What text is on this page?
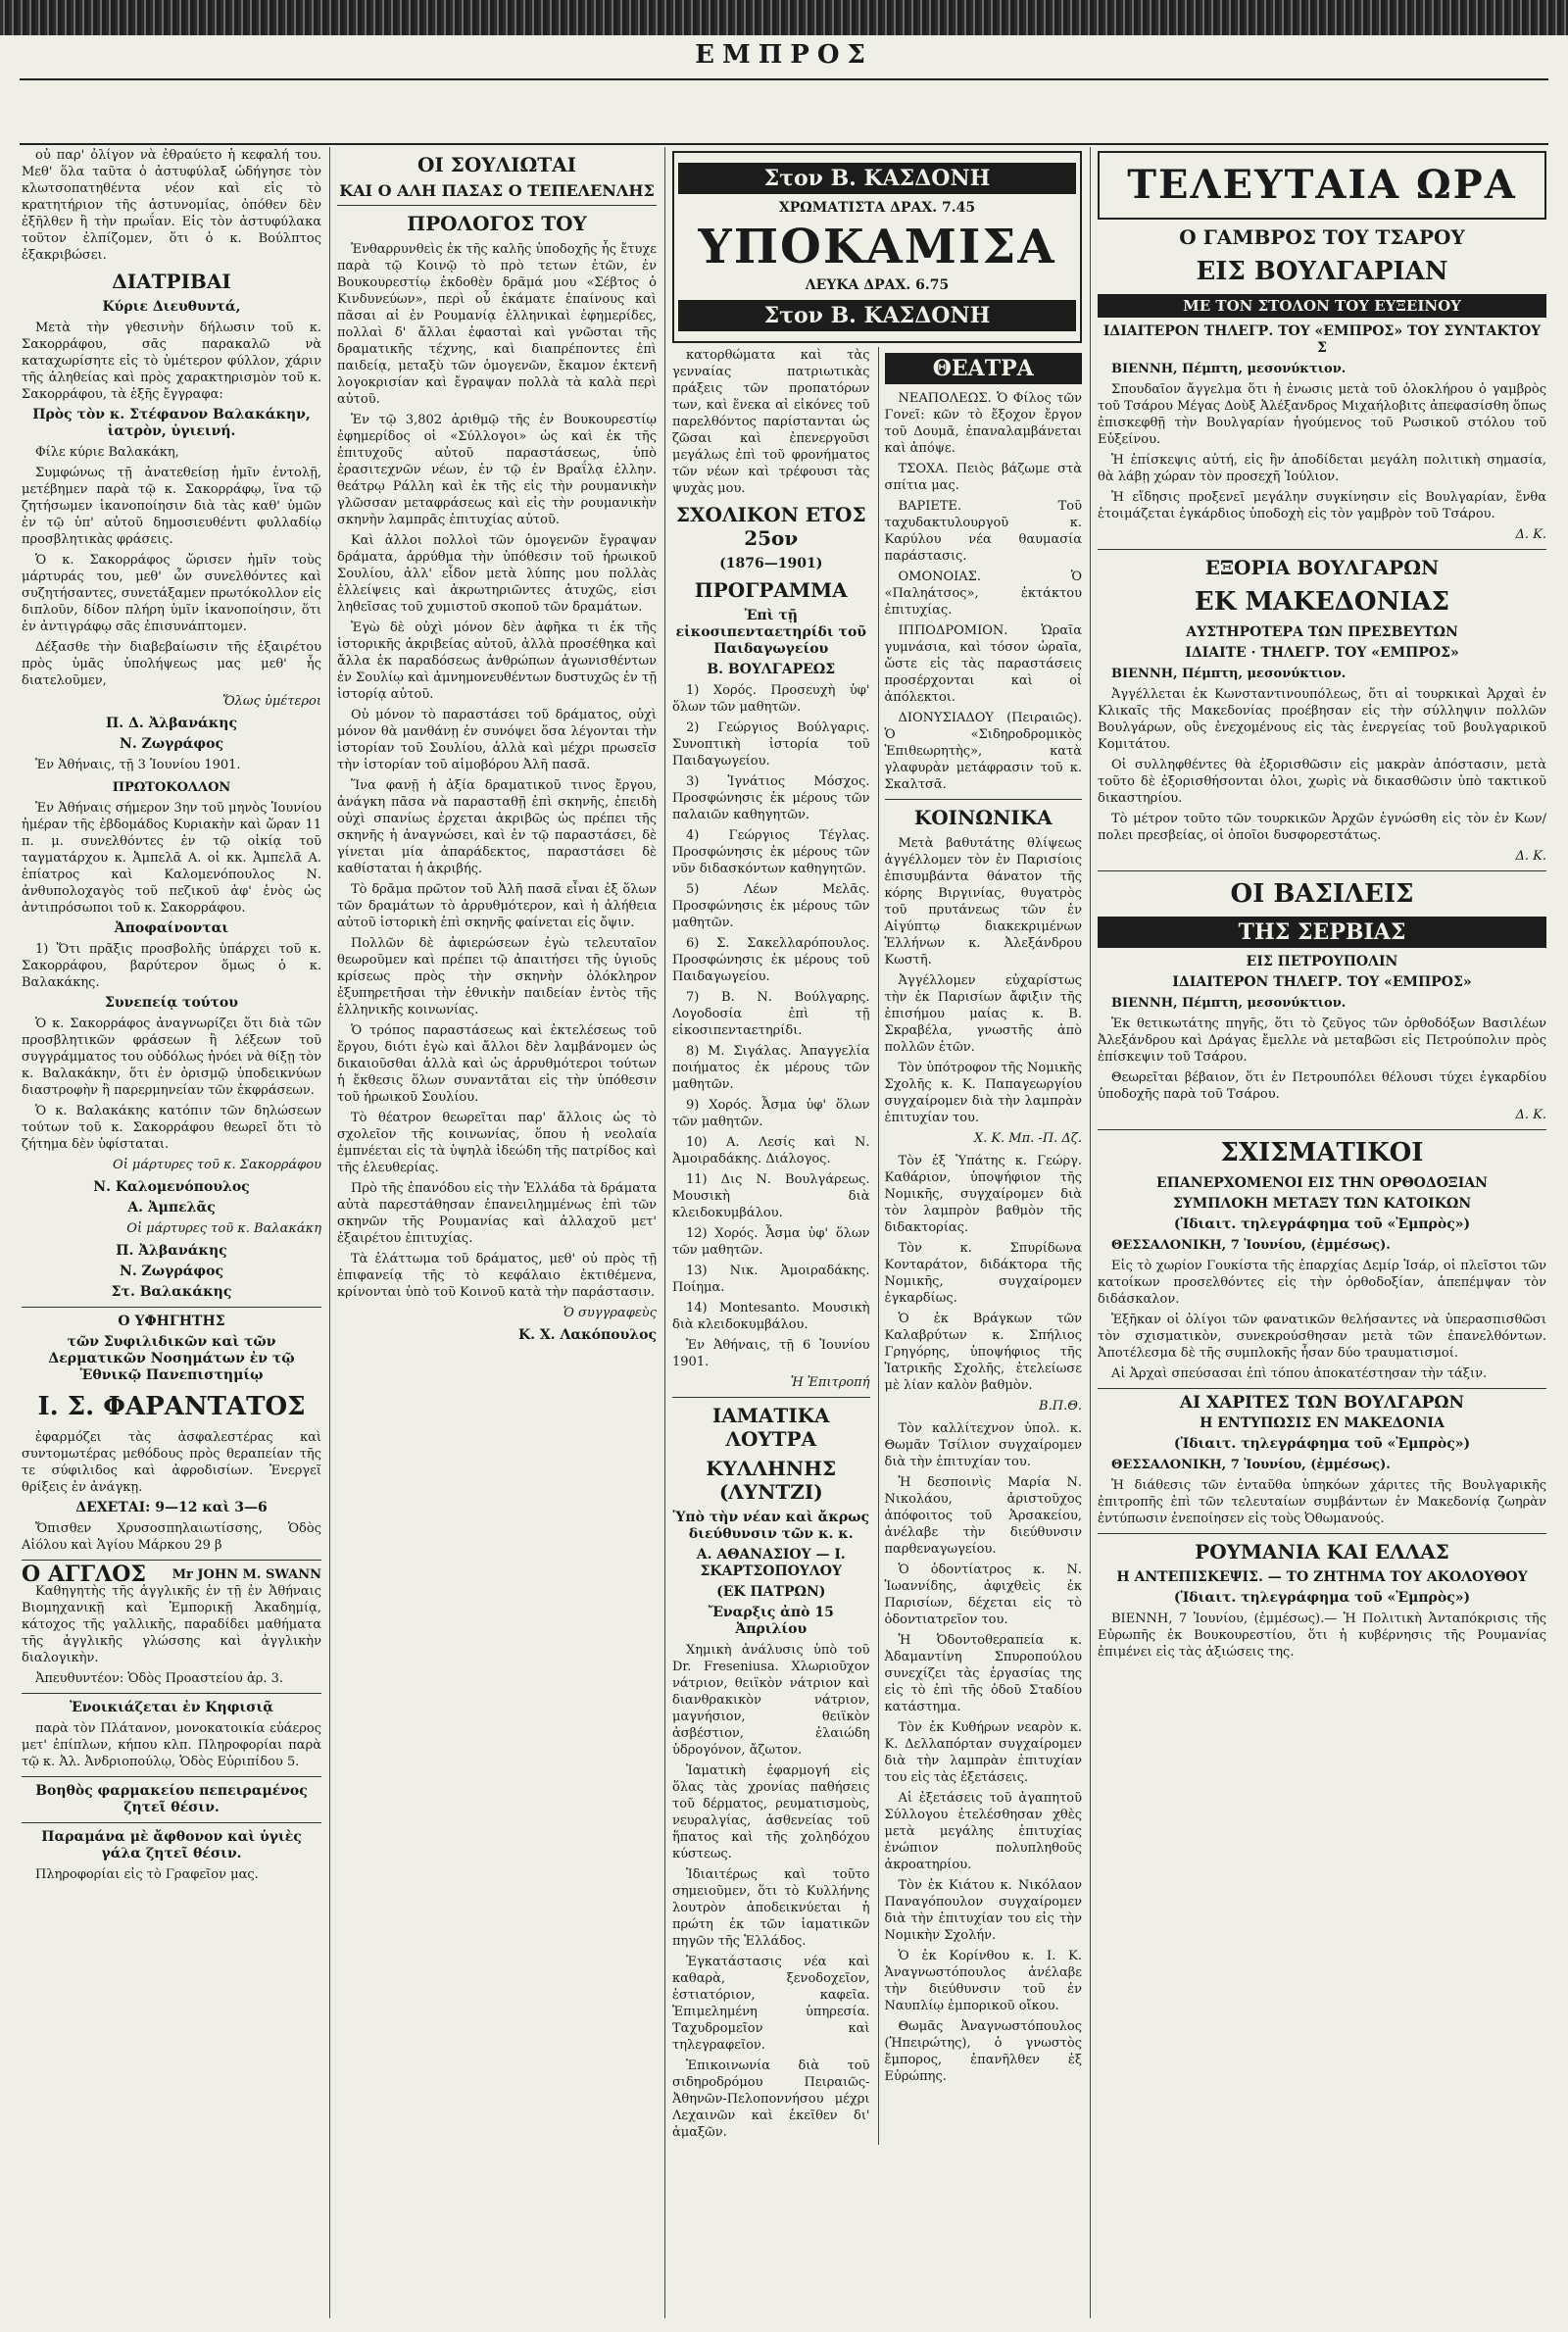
ΕΜΠΡΟΣ

οὐ παρ' ὀλίγον νὰ ἐθραύετο ἡ κεφαλή του. Μεθ' ὅλα ταῦτα ὁ ἀστυφύλαξ ὡδήγησε τὸν κλωτσοπατηθέντα νέον καὶ εἰς τὸ κρατητήριον τῆς ἀστυνομίας, ὁπόθεν δὲν ἐξῆλθεν ἢ τὴν πρωΐαν. Εἰς τὸν ἀστυφύλακα τοῦτον ἐλπίζομεν, ὅτι ὁ κ. Βούλπτος ἐξακριβώσει.

ΔΙΑΤΡΙΒΑΙ

Κύριε Διευθυντά,

Μετὰ τὴν γθεσινὴν δήλωσιν τοῦ κ. Σακορράφου, σᾶς παρακαλῶ νὰ καταχωρίσητε εἰς τὸ ὑμέτερον φύλλον, χάριν τῆς ἀληθείας καὶ πρὸς χαρακτηρισμὸν τοῦ κ. Σακορράφου, τὰ ἑξῆς ἔγγραφα:

Πρὸς τὸν κ. Στέφανον Βαλακάκην, ἰατρὸν, ὑγιεινή.

Φίλε κύριε Βαλακάκη,

Συμφώνως τῇ ἀνατεθείσῃ ἡμῖν ἐντολῇ, μετέβημεν παρὰ τῷ κ. Σακορράφῳ, ἵνα τῷ ζητήσωμεν ἱκανοποίησιν διὰ τὰς καθ' ὑμῶν ἐν τῷ ὑπ' αὐτοῦ δημοσιευθέντι φυλλαδίῳ προσβλητικὰς φράσεις.

Ὁ κ. Σακορράφος ὥρισεν ἡμῖν τοὺς μάρτυράς του, μεθ' ὧν συνελθόντες καὶ συζητήσαντες, συνετάξαμεν πρωτόκολλον εἰς διπλοῦν, δίδον πλήρη ὑμῖν ἱκανοποίησιν, ὅτι ἐν ἀντιγράφῳ σᾶς ἐπισυνάπτομεν.

Δέξασθε τὴν διαβεβαίωσιν τῆς ἐξαιρέτου πρὸς ὑμᾶς ὑπολήψεως μας μεθ' ἧς διατελοῦμεν,

Ὅλως ὑμέτεροι

Π. Δ. Ἀλβανάκης

Ν. Ζωγράφος

Ἐν Ἀθήναις, τῇ 3 Ἰουνίου 1901.

ΠΡΩΤΟΚΟΛΛΟΝ

Ἐν Ἀθήναις σήμερον 3ην τοῦ μηνὸς Ἰουνίου ἡμέραν τῆς ἑβδομάδος Κυριακὴν καὶ ὥραν 11 π. μ. συνελθόντες ἐν τῷ οἰκίᾳ τοῦ ταγματάρχου κ. Ἀμπελᾶ Α. οἱ κκ. Ἀμπελᾶ Α. ἐπίατρος καὶ Καλομενόπουλος Ν. ἀνθυπολοχαγὸς τοῦ πεζικοῦ ἀφ' ἑνὸς ὡς ἀντιπρόσωποι τοῦ κ. Σακορράφου.

Ἀποφαίνονται

1) Ὅτι πρᾶξις προσβολῆς ὑπάρχει τοῦ κ. Σακορράφου, βαρύτερον ὅμως ὁ κ. Βαλακάκης.

Συνεπείᾳ τούτου

Ὁ κ. Σακορράφος ἀναγνωρίζει ὅτι διὰ τῶν προσβλητικῶν φράσεων ἢ λέξεων τοῦ συγγράμματος του οὐδόλως ἠνόει νὰ θίξῃ τὸν κ. Βαλακάκην, ὅτι ἐν ὁρισμῷ ὑποδεικνύων διαστροφὴν ἢ παρερμηνείαν τῶν ἐκφράσεων.

Ὁ κ. Βαλακάκης κατόπιν τῶν δηλώσεων τούτων τοῦ κ. Σακορράφου θεωρεῖ ὅτι τὸ ζήτημα δὲν ὑφίσταται.

Οἱ μάρτυρες τοῦ κ. Σακορράφου

Ν. Καλομενόπουλος

Α. Ἀμπελᾶς

Οἱ μάρτυρες τοῦ κ. Βαλακάκη

Π. Ἀλβανάκης

Ν. Ζωγράφος

Στ. Βαλακάκης

Ο ΥΦΗΓΗΤΗΣ
τῶν Συφιλιδικῶν καὶ τῶν Δερματικῶν Νοσημάτων ἐν τῷ Ἐθνικῷ Πανεπιστημίῳ
Ι. Σ. ΦΑΡΑΝΤΑΤΟΣ

ἐφαρμόζει τὰς ἀσφαλεστέρας καὶ συντομωτέρας μεθόδους πρὸς θεραπείαν τῆς τε σύφιλιδος καὶ ἀφροδισίων. Ἐνεργεῖ θρίξεις ἐν ἀνάγκῃ.

ΔΕΧΕΤΑΙ: 9—12 καὶ 3—6

Ὄπισθεν Χρυσοσπηλαιωτίσσης, Ὁδὸς Αἰόλου καὶ Ἁγίου Μάρκου 29 β

Ο ΑΓΓΛΟΣ Mr JOHN M. SWANN

Καθηγητὴς τῆς ἀγγλικῆς ἐν τῇ ἐν Ἀθήναις Βιομηχανικῇ καὶ Ἐμπορικῇ Ἀκαδημίᾳ, κάτοχος τῆς γαλλικῆς, παραδίδει μαθήματα τῆς ἀγγλικῆς γλώσσης καὶ ἀγγλικὴν διαλογικὴν.

Ἀπευθυντέον: Ὁδὸς Προαστείου ἀρ. 3.

Ἐνοικιάζεται ἐν Κηφισιᾷ

παρὰ τὸν Πλάτανον, μονοκατοικία εὐάερος μετ' ἐπίπλων, κήπου κλπ. Πληροφορίαι παρὰ τῷ κ. Ἀλ. Ἀνδριοπούλῳ, Ὁδὸς Εὐριπίδου 5.

Βοηθὸς φαρμακείου πεπειραμένος ζητεῖ θέσιν.
Παραμάνα μὲ ἄφθονον καὶ ὑγιὲς γάλα ζητεῖ θέσιν.

Πληροφορίαι εἰς τὸ Γραφεῖον μας.

ΟΙ ΣΟΥΛΙΩΤΑΙ
ΚΑΙ Ο ΑΛΗ ΠΑΣΑΣ Ο ΤΕΠΕΛΕΝΛΗΣ
ΠΡΟΛΟΓΟΣ ΤΟΥ

Ἐνθαρρυνθεὶς ἐκ τῆς καλῆς ὑποδοχῆς ἧς ἔτυχε παρὰ τῷ Κοινῷ τὸ πρὸ τετων ἐτῶν, ἐν Βουκουρεστίῳ ἐκδοθὲν δρᾶμά μου «Σέβτος ὁ Κινδυνεύων», περὶ οὗ ἐκάματε ἐπαίνους καὶ πᾶσαι αἱ ἐν Ρουμανίᾳ ἑλληνικαὶ ἐφημερίδες, πολλαὶ δ' ἄλλαι ἐφασταὶ καὶ γνῶσται τῆς δραματικῆς τέχνης, καὶ διαπρέποντες ἐπὶ παιδείᾳ, μεταξὺ τῶν ὁμογενῶν, ἔκαμον ἐκτενῆ λογοκρισίαν καὶ ἔγραψαν πολλὰ τὰ καλὰ περὶ αὐτοῦ.

Ἐν τῷ 3,802 ἀριθμῷ τῆς ἐν Βουκουρεστίῳ ἐφημερίδος οἱ «Σύλλογοι» ὡς καὶ ἐκ τῆς ἐπιτυχοῦς αὐτοῦ παραστάσεως, ὑπὸ ἐρασιτεχνῶν νέων, ἐν τῷ ἐν Βραΐλᾳ ἑλλην. θεάτρῳ Ράλλη καὶ ἐκ τῆς εἰς τὴν ρουμανικὴν γλῶσσαν μεταφράσεως καὶ εἰς τὴν ρουμανικὴν σκηνὴν λαμπρᾶς ἐπιτυχίας αὐτοῦ.

Καὶ ἀλλοι πολλοὶ τῶν ὁμογενῶν ἔγραψαν δράματα, ἀρρύθμα τὴν ὑπόθεσιν τοῦ ἡρωικοῦ Σουλίου, ἀλλ' εἶδον μετὰ λύπης μου πολλὰς ἐλλείψεις καὶ ἀκρωτηριῶντες ἀτυχῶς, εἰσι ληθεῖσας τοῦ χυμιστοῦ σκοποῦ τῶν δραμάτων.

Ἐγὼ δὲ οὐχὶ μόνον δὲν ἀφῆκα τι ἐκ τῆς ἱστορικῆς ἀκριβείας αὐτοῦ, ἀλλὰ προσέθηκα καὶ ἄλλα ἐκ παραδόσεως ἀνθρώπων ἀγωνισθέντων ἐν Σουλίῳ καὶ ἀμνημονευθέντων δυστυχῶς ἐν τῇ ἱστορίᾳ αὐτοῦ.

Οὐ μόνον τὸ παραστάσει τοῦ δράματος, οὐχὶ μόνον θὰ μανθάνῃ ἐν συνόψει ὅσα λέγονται τὴν ἱστορίαν τοῦ Σουλίου, ἀλλὰ καὶ μέχρι πρωσεῖσ τὴν ἱστορίαν τοῦ αἱμοβόρου Ἀλῆ πασᾶ.

Ἵνα φανῇ ἡ ἀξία δραματικοῦ τινος ἔργου, ἀνάγκη πᾶσα νὰ παρασταθῇ ἐπὶ σκηνῆς, ἐπειδὴ οὐχὶ σπανίως ἐρχεται ἀκριβῶς ὡς πρέπει τῆς σκηνῆς ἡ ἀναγνώσει, καὶ ἐν τῷ παραστάσει, δὲ γίνεται μία ἀπαράδεκτος, παραστάσει δὲ καθίσταται ἡ ἀκριβής.

Τὸ δρᾶμα πρῶτον τοῦ Ἀλῆ πασᾶ εἶναι ἐξ ὅλων τῶν δραμάτων τὸ ἀρρυθμότερον, καὶ ἡ ἀλήθεια αὐτοῦ ἱστορικὴ ἐπὶ σκηνῆς φαίνεται εἰς ὄψιν.

Πολλῶν δὲ ἀφιερώσεων ἐγὼ τελευταῖον θεωροῦμεν καὶ πρέπει τῷ ἀπαιτήσει τῆς ὑγιοῦς κρίσεως πρὸς τὴν σκηνὴν ὁλόκληρον ἐξυπηρετῆσαι τὴν ἐθνικὴν παιδείαν ἐντὸς τῆς ἑλληνικῆς κοινωνίας.

Ὁ τρόπος παραστάσεως καὶ ἐκτελέσεως τοῦ ἔργου, διότι ἐγὼ καὶ ἄλλοι δὲν λαμβάνομεν ὡς δικαιοῦσθαι ἀλλὰ καὶ ὡς ἀρρυθμότεροι τούτων ἡ ἔκθεσις ὅλων συναντᾶται εἰς τὴν ὑπόθεσιν τοῦ ἡρωικοῦ Σουλίου.

Τὸ θέατρον θεωρεῖται παρ' ἄλλοις ὡς τὸ σχολεῖον τῆς κοινωνίας, ὅπου ἡ νεολαία ἐμπνέεται εἰς τὰ ὑψηλὰ ἰδεώδη τῆς πατρίδος καὶ τῆς ἐλευθερίας.

Πρὸ τῆς ἐπανόδου εἰς τὴν Ἑλλάδα τὰ δράματα αὐτὰ παρεστάθησαν ἐπανειλημμένως ἐπὶ τῶν σκηνῶν τῆς Ρουμανίας καὶ ἀλλαχοῦ μετ' ἐξαιρέτου ἐπιτυχίας.

Τὰ ἐλάττωμα τοῦ δράματος, μεθ' οὐ πρὸς τῇ ἐπιφανείᾳ τῆς τὸ κεφάλαιο ἐκτιθέμενα, κρίνονται ὑπὸ τοῦ Κοινοῦ κατὰ τὴν παράστασιν.

Ὁ συγγραφεὺς

Κ. Χ. Λακόπουλος

Στον Β. ΚΑΣΔΟΝΗ
ΧΡΩΜΑΤΙΣΤΑ ΔΡΑΧ. 7.45
ΥΠΟΚΑΜΙΣΑ
ΛΕΥΚΑ ΔΡΑΧ. 6.75
Στον Β. ΚΑΣΔΟΝΗ

κατορθώματα καὶ τὰς γενναίας πατριωτικὰς πράξεις τῶν προπατόρων των, καὶ ἕνεκα αἱ εἰκόνες τοῦ παρελθόντος παρίστανται ὡς ζῶσαι καὶ ἐπενεργοῦσι μεγάλως ἐπὶ τοῦ φρονήματος τῶν νέων καὶ τρέφουσι τὰς ψυχὰς μου.

ΣΧΟΛΙΚΟΝ ΕΤΟΣ 25ον
(1876—1901)
ΠΡΟΓΡΑΜΜΑ
Ἐπὶ τῇ εἰκοσιπενταετηρίδι τοῦ Παιδαγωγείου
Β. ΒΟΥΛΓΑΡΕΩΣ

1) Χορός. Προσευχὴ ὑφ' ὅλων τῶν μαθητῶν.

2) Γεώργιος Βούλγαρις. Συνοπτικὴ ἱστορία τοῦ Παιδαγωγείου.

3) Ἰγνάτιος Μόσχος. Προσφώνησις ἐκ μέρους τῶν παλαιῶν καθηγητῶν.

4) Γεώργιος Τέγλας. Προσφώνησις ἐκ μέρους τῶν νῦν διδασκόντων καθηγητῶν.

5) Λέων Μελᾶς. Προσφώνησις ἐκ μέρους τῶν μαθητῶν.

6) Σ. Σακελλαρόπουλος. Προσφώνησις ἐκ μέρους τοῦ Παιδαγωγείου.

7) Β. Ν. Βούλγαρης. Λογοδοσία ἐπὶ τῇ εἰκοσιπενταετηρίδι.

8) Μ. Σιγάλας. Ἀπαγγελία ποιήματος ἐκ μέρους τῶν μαθητῶν.

9) Χορός. Ἆσμα ὑφ' ὅλων τῶν μαθητῶν.

10) Α. Λεσίς καὶ Ν. Ἀμοιραδάκης. Διάλογος.

11) Δις Ν. Βουλγάρεως. Μουσικὴ διὰ κλειδοκυμβάλου.

12) Χορός. Ἆσμα ὑφ' ὅλων τῶν μαθητῶν.

13) Νικ. Ἀμοιραδάκης. Ποίημα.

14) Montesanto. Μουσικὴ διὰ κλειδοκυμβάλου.

Ἐν Ἀθήναις, τῇ 6 Ἰουνίου 1901.

Ἡ Ἐπιτροπή

ΙΑΜΑΤΙΚΑ ΛΟΥΤΡΑ
ΚΥΛΛΗΝΗΣ (ΛΥΝΤΖΙ)
Ὑπὸ τὴν νέαν καὶ ἄκρως διεύθυνσιν τῶν κ. κ.
Α. ΑΘΑΝΑΣΙΟΥ — Ι. ΣΚΑΡΤΣΟΠΟΥΛΟΥ
(ΕΚ ΠΑΤΡΩΝ)
Ἔναρξις ἀπὸ 15 Ἀπριλίου

Χημικὴ ἀνάλυσις ὑπὸ τοῦ Dr. Freseniusa. Χλωριοῦχον νάτριον, θειϊκὸν νάτριον καὶ διανθρακικὸν νάτριον, μαγνήσιον, θειϊκὸν ἀσβέστιον, ἐλαιώδη ὑδρογόνον, ἄζωτον.

Ἰαματικὴ ἐφαρμογή εἰς ὅλας τὰς χρονίας παθήσεις τοῦ δέρματος, ρευματισμοὺς, νευραλγίας, ἀσθενείας τοῦ ἥπατος καὶ τῆς χοληδόχου κύστεως.

Ἰδιαιτέρως καὶ τοῦτο σημειοῦμεν, ὅτι τὸ Κυλλήνης λουτρὸν ἀποδεικνύεται ἡ πρώτη ἐκ τῶν ἰαματικῶν πηγῶν τῆς Ἑλλάδος.

Ἐγκατάστασις νέα καὶ καθαρὰ, ξενοδοχεῖον, ἑστιατόριον, καφεῖα. Ἐπιμελημένη ὑπηρεσία. Ταχυδρομεῖον καὶ τηλεγραφεῖον.

Ἐπικοινωνία διὰ τοῦ σιδηροδρόμου Πειραιῶς-Ἀθηνῶν-Πελοποννήσου μέχρι Λεχαινῶν καὶ ἐκεῖθεν δι' ἁμαξῶν.

ΘΕΑΤΡΑ

ΝΕΑΠΟΛΕΩΣ. Ὁ Φίλος τῶν Γονεῖ: κῶν τὸ ἔξοχον ἔργον τοῦ Δουμᾶ, ἐπαναλαμβάνεται καὶ ἀπόψε.

ΤΣΟΧΑ. Πειὸς βάζωμε στὰ σπίτια μας.

ΒΑΡΙΕΤΕ. Τοῦ ταχυδακτυλουργοῦ κ. Καρύλου νέα θαυμασία παράστασις.

ΟΜΟΝΟΙΑΣ. Ὁ «Παληάτσος», ἐκτάκτου ἐπιτυχίας.

ΙΠΠΟΔΡΟΜΙΟΝ. Ὡραῖα γυμνάσια, καὶ τόσον ὡραῖα, ὥστε εἰς τὰς παραστάσεις προσέρχονται καὶ οἱ ἀπόλεκτοι.

ΔΙΟΝΥΣΙΑΔΟΥ (Πειραιῶς). Ὁ «Σιδηροδρομικὸς Ἐπιθεωρητὴς», κατὰ γλαφυρὰν μετάφρασιν τοῦ κ. Σκαλτσᾶ.

ΚΟΙΝΩΝΙΚΑ

Μετὰ βαθυτάτης θλίψεως ἀγγέλλομεν τὸν ἐν Παρισίοις ἐπισυμβάντα θάνατον τῆς κόρης Βιργινίας, θυγατρὸς τοῦ πρυτάνεως τῶν ἐν Αἰγύπτῳ διακεκριμένων Ἑλλήνων κ. Ἀλεξάνδρου Κωστῆ.

Ἀγγέλλομεν εὐχαρίστως τὴν ἐκ Παρισίων ἄφιξιν τῆς ἐπισήμου μαίας κ. Β. Σκραβέλα, γνωστῆς ἀπὸ πολλῶν ἐτῶν.

Τὸν ὑπότροφον τῆς Νομικῆς Σχολῆς κ. Κ. Παπαγεωργίου συγχαίρομεν διὰ τὴν λαμπρὰν ἐπιτυχίαν του.

Χ. Κ. Μπ. -Π. Δζ.

Τὸν ἐξ Ὑπάτης κ. Γεώργ. Καθάριον, ὑποψήφιον τῆς Νομικῆς, συγχαίρομεν διὰ τὸν λαμπρὸν βαθμὸν τῆς διδακτορίας.

Τὸν κ. Σπυρίδωνα Κονταράτον, διδάκτορα τῆς Νομικῆς, συγχαίρομεν ἐγκαρδίως.

Ὁ ἐκ Βράγκων τῶν Καλαβρύτων κ. Σπήλιος Γρηγόρης, ὑποψήφιος τῆς Ἰατρικῆς Σχολῆς, ἐτελείωσε μὲ λίαν καλὸν βαθμὸν.

Β.Π.Θ.

Τὸν καλλίτεχνον ὑπολ. κ. Θωμᾶν Τσίλιον συγχαίρομεν διὰ τὴν ἐπιτυχίαν του.

Ἡ δεσποινὶς Μαρία Ν. Νικολάου, ἀριστοῦχος ἀπόφοιτος τοῦ Ἀρσακείου, ἀνέλαβε τὴν διεύθυνσιν παρθεναγωγείου.

Ὁ ὀδοντίατρος κ. Ν. Ἰωαννίδης, ἀφιχθεὶς ἐκ Παρισίων, δέχεται εἰς τὸ ὀδοντιατρεῖον του.

Ἡ Ὀδοντοθεραπεία κ. Ἀδαμαντίνη Σπυροπούλου συνεχίζει τὰς ἐργασίας της εἰς τὸ ἐπὶ τῆς ὁδοῦ Σταδίου κατάστημα.

Τὸν ἐκ Κυθήρων νεαρὸν κ. Κ. Δελλαπόρταν συγχαίρομεν διὰ τὴν λαμπρὰν ἐπιτυχίαν του εἰς τὰς ἐξετάσεις.

Αἱ ἐξετάσεις τοῦ ἀγαπητοῦ Σύλλογου ἐτελέσθησαν χθὲς μετὰ μεγάλης ἐπιτυχίας ἐνώπιον πολυπληθοῦς ἀκροατηρίου.

Τὸν ἐκ Κιάτου κ. Νικόλαον Παναγόπουλον συγχαίρομεν διὰ τὴν ἐπιτυχίαν του εἰς τὴν Νομικὴν Σχολήν.

Ὁ ἐκ Κορίνθου κ. Ι. Κ. Ἀναγνωστόπουλος ἀνέλαβε τὴν διεύθυνσιν τοῦ ἐν Ναυπλίῳ ἐμπορικοῦ οἴκου.

Θωμᾶς Ἀναγνωστόπουλος (Ἠπειρώτης), ὁ γνωστὸς ἔμπορος, ἐπανῆλθεν ἐξ Εὐρώπης.

ΤΕΛΕΥΤΑΙΑ ΩΡΑ
Ο ΓΑΜΒΡΟΣ ΤΟΥ ΤΣΑΡΟΥ
ΕΙΣ ΒΟΥΛΓΑΡΙΑΝ
ΜΕ ΤΟΝ ΣΤΟΛΟΝ ΤΟΥ ΕΥΞΕΙΝΟΥ
ΙΔΙΑΙΤΕΡΟΝ ΤΗΛΕΓΡ. ΤΟΥ «ΕΜΠΡΟΣ» ΤΟΥ ΣΥΝΤΑΚΤΟΥ Σ

ΒΙΕΝΝΗ, Πέμπτη, μεσονύκτιον.

Σπουδαῖον ἄγγελμα ὅτι ἡ ἐνωσις μετὰ τοῦ ὁλοκλήρου ὁ γαμβρὸς τοῦ Τσάρου Μέγας Δοὺξ Ἀλέξανδρος Μιχαήλοβιτς ἀπεφασίσθη ὅπως ἐπισκεφθῇ τὴν Βουλγαρίαν ἡγούμενος τοῦ Ρωσικοῦ στόλου τοῦ Εὐξείνου.

Ἡ ἐπίσκεψις αὐτή, εἰς ἣν ἀποδίδεται μεγάλη πολιτικὴ σημασία, θὰ λάβῃ χώραν τὸν προσεχῆ Ἰούλιον.

Ἡ εἴδησις προξενεῖ μεγάλην συγκίνησιν εἰς Βουλγαρίαν, ἔνθα ἑτοιμάζεται ἐγκάρδιος ὑποδοχὴ εἰς τὸν γαμβρὸν τοῦ Τσάρου.

Δ. Κ.

ΕΞΟΡΙΑ ΒΟΥΛΓΑΡΩΝ
ΕΚ ΜΑΚΕΔΟΝΙΑΣ
ΑΥΣΤΗΡΟΤΕΡΑ ΤΩΝ ΠΡΕΣΒΕΥΤΩΝ
ΙΔΙΑΙΤΕ · ΤΗΛΕΓΡ. ΤΟΥ «ΕΜΠΡΟΣ»

ΒΙΕΝΝΗ, Πέμπτη, μεσονύκτιον.

Ἀγγέλλεται ἐκ Κωνσταντινουπόλεως, ὅτι αἱ τουρκικαὶ Ἀρχαὶ ἐν Κλικαῖς τῆς Μακεδονίας προέβησαν εἰς τὴν σύλληψιν πολλῶν Βουλγάρων, οὓς ἐνεχομένους εἰς τὰς ἐνεργείας τοῦ βουλγαρικοῦ Κομιτάτου.

Οἱ συλληφθέντες θὰ ἐξορισθῶσιν εἰς μακρὰν ἀπόστασιν, μετὰ τοῦτο δὲ ἐξορισθήσονται ὁλοι, χωρὶς νὰ δικασθῶσιν ὑπὸ τακτικοῦ δικαστηρίου.

Τὸ μέτρον τοῦτο τῶν τουρκικῶν Ἀρχῶν ἐγνώσθη εἰς τὸν ἐν Κων/πολει πρεσβείας, οἱ ὁποῖοι δυσφορεστάτως.

Δ. Κ.

ΟΙ ΒΑΣΙΛΕΙΣ
ΤΗΣ ΣΕΡΒΙΑΣ
ΕΙΣ ΠΕΤΡΟΥΠΟΛΙΝ
ΙΔΙΑΙΤΕΡΟΝ ΤΗΛΕΓΡ. ΤΟΥ «ΕΜΠΡΟΣ»

ΒΙΕΝΝΗ, Πέμπτη, μεσονύκτιον.

Ἐκ θετικωτάτης πηγῆς, ὅτι τὸ ζεῦγος τῶν ὀρθοδόξων Βασιλέων Ἀλεξάνδρου καὶ Δράγας ἔμελλε νὰ μεταβῶσι εἰς Πετρούπολιν πρὸς ἐπίσκεψιν τοῦ Τσάρου.

Θεωρεῖται βέβαιον, ὅτι ἐν Πετρουπόλει θέλουσι τύχει ἐγκαρδίου ὑποδοχῆς παρὰ τοῦ Τσάρου.

Δ. Κ.

ΣΧΙΣΜΑΤΙΚΟΙ
ΕΠΑΝΕΡΧΟΜΕΝΟΙ ΕΙΣ ΤΗΝ ΟΡΘΟΔΟΞΙΑΝ
ΣΥΜΠΛΟΚΗ ΜΕΤΑΞΥ ΤΩΝ ΚΑΤΟΙΚΩΝ
(Ἰδιαιτ. τηλεγράφημα τοῦ «Ἐμπρὸς»)

ΘΕΣΣΑΛΟΝΙΚΗ, 7 Ἰουνίου, (ἐμμέσως).

Εἰς τὸ χωρίον Γουκίστα τῆς ἐπαρχίας Δεμίρ Ἰσάρ, οἱ πλεῖστοι τῶν κατοίκων προσελθόντες εἰς τὴν ὀρθοδοξίαν, ἀπεπέμψαν τὸν διδάσκαλον.

Ἐξῆκαν οἱ ὀλίγοι τῶν φανατικῶν θελήσαντες νὰ ὑπερασπισθῶσι τὸν σχισματικὸν, συνεκρούσθησαν μετὰ τῶν ἐπανελθόντων. Ἀποτέλεσμα δὲ τῆς συμπλοκῆς ἦσαν δύο τραυματισμοί.

Αἱ Ἀρχαὶ σπεύσασαι ἐπὶ τόπου ἀποκατέστησαν τὴν τάξιν.

ΑΙ ΧΑΡΙΤΕΣ ΤΩΝ ΒΟΥΛΓΑΡΩΝ
Η ΕΝΤΥΠΩΣΙΣ ΕΝ ΜΑΚΕΔΟΝΙΑ
(Ἰδιαιτ. τηλεγράφημα τοῦ «Ἐμπρὸς»)

ΘΕΣΣΑΛΟΝΙΚΗ, 7 Ἰουνίου, (ἐμμέσως).

Ἡ διάθεσις τῶν ἐνταῦθα ὑπηκόων χάριτες τῆς Βουλγαρικῆς ἐπιτροπῆς ἐπὶ τῶν τελευταίων συμβάντων ἐν Μακεδονίᾳ ζωηρὰν ἐντύπωσιν ἐνεποίησεν εἰς τοὺς Ὀθωμανούς.

ΡΟΥΜΑΝΙΑ ΚΑΙ ΕΛΛΑΣ
Η ΑΝΤΕΠΙΣΚΕΨΙΣ. — ΤΟ ΖΗΤΗΜΑ ΤΟΥ ΑΚΟΛΟΥΘΟΥ
(Ἰδιαιτ. τηλεγράφημα τοῦ «Ἐμπρὸς»)

ΒΙΕΝΝΗ, 7 Ἰουνίου, (ἐμμέσως).— Ἡ Πολιτικὴ Ἀνταπόκρισις τῆς Εὐρωπῆς ἐκ Βουκουρεστίου, ὅτι ἡ κυβέρνησις τῆς Ρουμανίας ἐπιμένει εἰς τὰς ἀξιώσεις της.
